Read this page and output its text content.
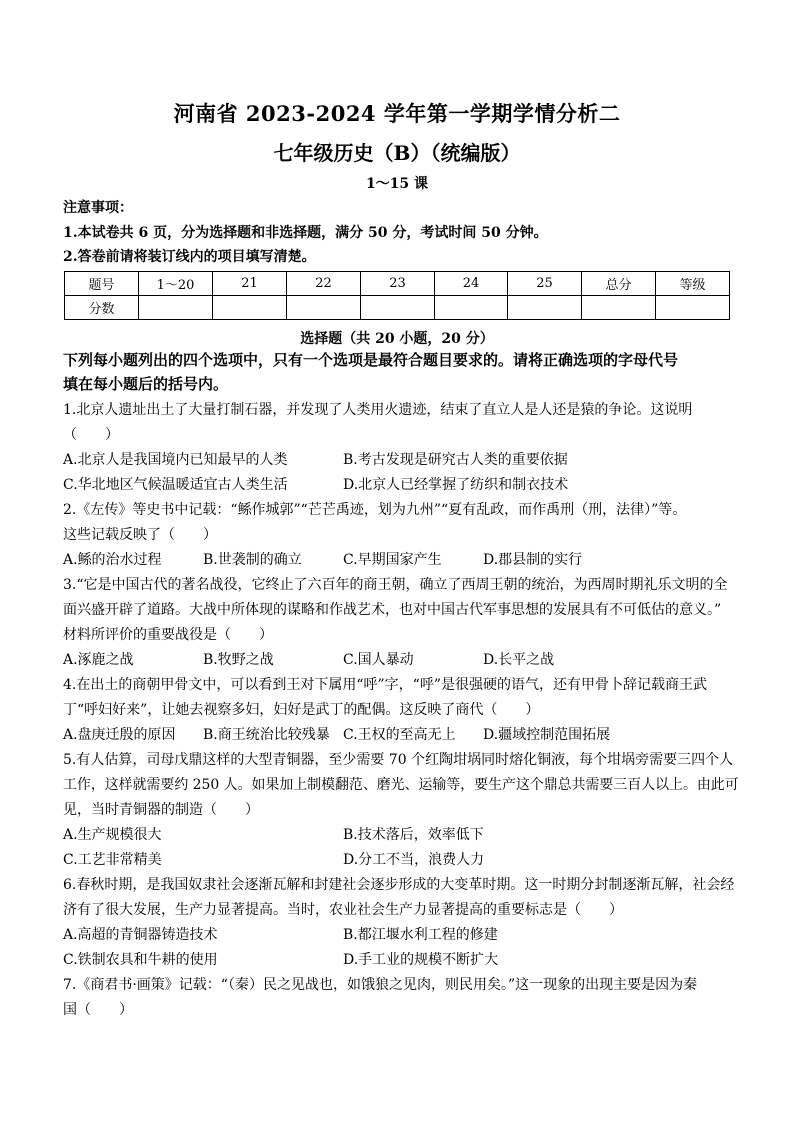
河南省 2023-2024 学年第一学期学情分析二
七年级历史（B）（统编版）
1～15 课
注意事项：
1.本试卷共 6 页，分为选择题和非选择题，满分 50 分，考试时间 50 分钟。
2.答卷前请将装订线内的项目填写清楚。
题号	1～20	21	22	23	24	25	总分	等级
分数								
选择题（共 20 小题，20 分）
下列每小题列出的四个选项中，只有一个选项是最符合题目要求的。请将正确选项的字母代号
填在每小题后的括号内。
1.北京人遗址出土了大量打制石器，并发现了人类用火遗迹，结束了直立人是人还是猿的争论。这说明
（　　）
A.北京人是我国境内已知最早的人类	B.考古发现是研究古人类的重要依据
C.华北地区气候温暖适宜古人类生活	D.北京人已经掌握了纺织和制衣技术
2.《左传》等史书中记载：“鲧作城郭”“芒芒禹迹，划为九州”“夏有乱政，而作禹刑（刑，法律）”等。
这些记载反映了（　　）
A.鲧的治水过程	B.世袭制的确立	C.早期国家产生	D.郡县制的实行
3.“它是中国古代的著名战役，它终止了六百年的商王朝，确立了西周王朝的统治，为西周时期礼乐文明的全
面兴盛开辟了道路。大战中所体现的谋略和作战艺术，也对中国古代军事思想的发展具有不可低估的意义。”
材料所评价的重要战役是（　　）
A.涿鹿之战	B.牧野之战	C.国人暴动	D.长平之战
4.在出土的商朝甲骨文中，可以看到王对下属用“呼”字，“呼”是很强硬的语气，还有甲骨卜辞记载商王武
丁“呼妇好来”，让她去视察多妇，妇好是武丁的配偶。这反映了商代（　　）
A.盘庚迁殷的原因 B.商王统治比较残暴 C.王权的至高无上 D.疆域控制范围拓展
5.有人估算，司母戊鼎这样的大型青铜器，至少需要 70 个红陶坩埚同时熔化铜液，每个坩埚旁需要三四个人
工作，这样就需要约 250 人。如果加上制模翻范、磨光、运输等，要生产这个鼎总共需要三百人以上。由此可
见，当时青铜器的制造（　　）
A.生产规模很大	B.技术落后，效率低下
C.工艺非常精美	D.分工不当，浪费人力
6.春秋时期，是我国奴隶社会逐渐瓦解和封建社会逐步形成的大变革时期。这一时期分封制逐渐瓦解，社会经
济有了很大发展，生产力显著提高。当时，农业社会生产力显著提高的重要标志是（　　）
A.高超的青铜器铸造技术	B.都江堰水利工程的修建
C.铁制农具和牛耕的使用	D.手工业的规模不断扩大
7.《商君书·画策》记载：“（秦）民之见战也，如饿狼之见肉，则民用矣。”这一现象的出现主要是因为秦
国（　　）
